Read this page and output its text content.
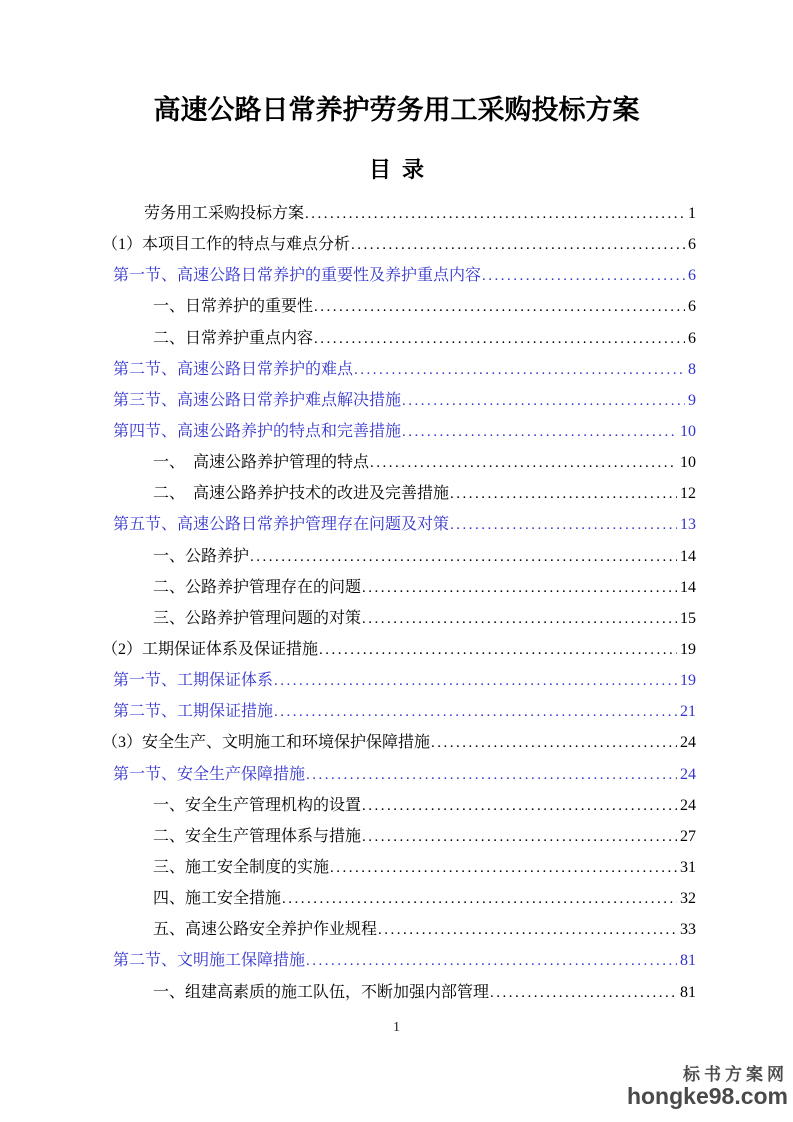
高速公路日常养护劳务用工采购投标方案
目  录
劳务用工采购投标方案 .....	1
（1）本项目工作的特点与难点分析 .....	6
第一节、高速公路日常养护的重要性及养护重点内容 .....	6
一、日常养护的重要性 .....	6
二、日常养护重点内容 .....	6
第二节、高速公路日常养护的难点 .....	8
第三节、高速公路日常养护难点解决措施 .....	9
第四节、高速公路养护的特点和完善措施 .....	10
一、　高速公路养护管理的特点 .....	10
二、　高速公路养护技术的改进及完善措施 .....	12
第五节、高速公路日常养护管理存在问题及对策 .....	13
一、公路养护 .....	14
二、公路养护管理存在的问题 .....	14
三、公路养护管理问题的对策 .....	15
（2）工期保证体系及保证措施 .....	19
第一节、工期保证体系 .....	19
第二节、工期保证措施 .....	21
（3）安全生产、文明施工和环境保护保障措施 .....	24
第一节、安全生产保障措施 .....	24
一、安全生产管理机构的设置 .....	24
二、安全生产管理体系与措施 .....	27
三、施工安全制度的实施 .....	31
四、施工安全措施 .....	32
五、高速公路安全养护作业规程 .....	33
第二节、文明施工保障措施 .....	81
一、组建高素质的施工队伍，不断加强内部管理 .....	81
1
标书方案网
hongke98.com
